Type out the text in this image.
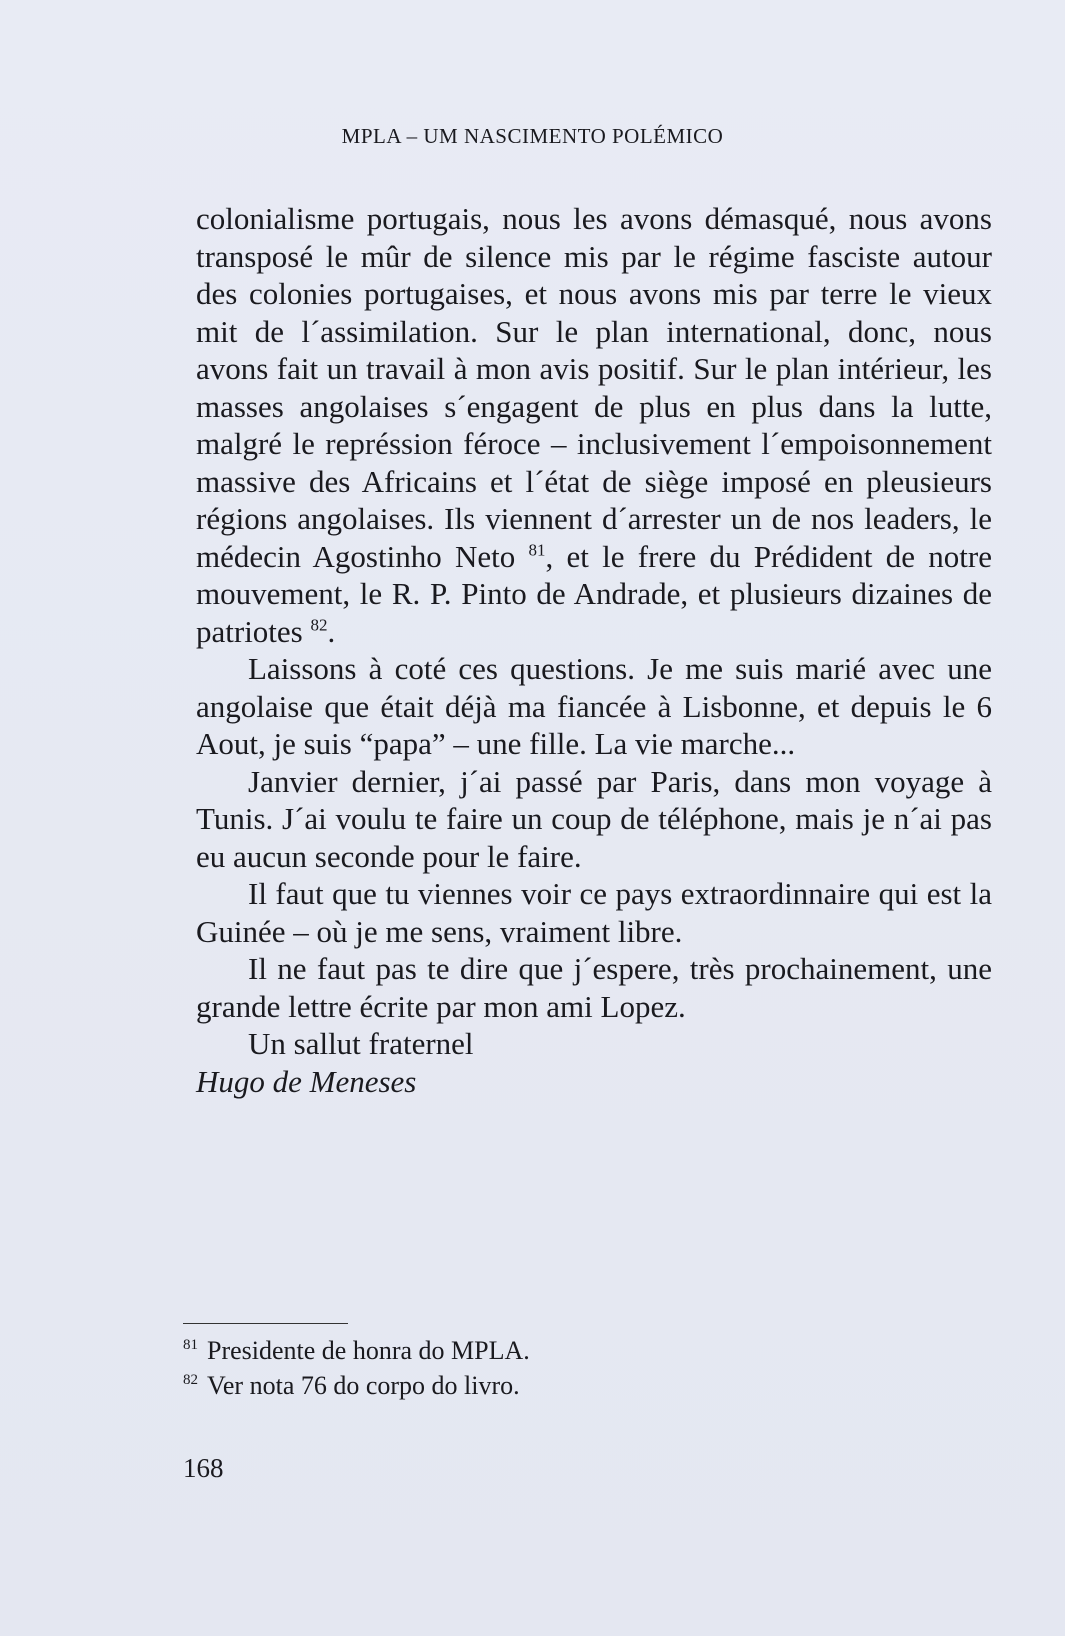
MPLA – UM NASCIMENTO POLÉMICO

colonialisme portugais, nous les avons démasqué, nous avons transposé le mûr de silence mis par le régime fasciste autour des colonies portugaises, et nous avons mis par terre le vieux mit de l´assimilation. Sur le plan international, donc, nous avons fait un travail à mon avis positif. Sur le plan intérieur, les masses angolaises s´engagent de plus en plus dans la lutte, malgré le représsion féroce – inclusivement l´empoisonnement massive des Africains et l´état de siège imposé en pleusieurs régions angolaises. Ils viennent d´arrester un de nos leaders, le médecin Agostinho Neto $^{81}$, et le frere du Prédident de notre mouvement, le R. P. Pinto de Andrade, et plusieurs dizaines de patriotes $^{82}$.

Laissons à coté ces questions. Je me suis marié avec une angolaise que était déjà ma fiancée à Lisbonne, et depuis le 6 Aout, je suis “papa” – une fille. La vie marche...

Janvier dernier, j´ai passé par Paris, dans mon voyage à Tunis. J´ai voulu te faire un coup de téléphone, mais je n´ai pas eu aucun seconde pour le faire.

Il faut que tu viennes voir ce pays extraordinnaire qui est la Guinée – où je me sens, vraiment libre.

Il ne faut pas te dire que j´espere, très prochainement, une grande lettre écrite par mon ami Lopez.

Un sallut fraternel

Hugo de Meneses

$^{81}$ Presidente de honra do MPLA.

$^{82}$ Ver nota 76 do corpo do livro.

168
